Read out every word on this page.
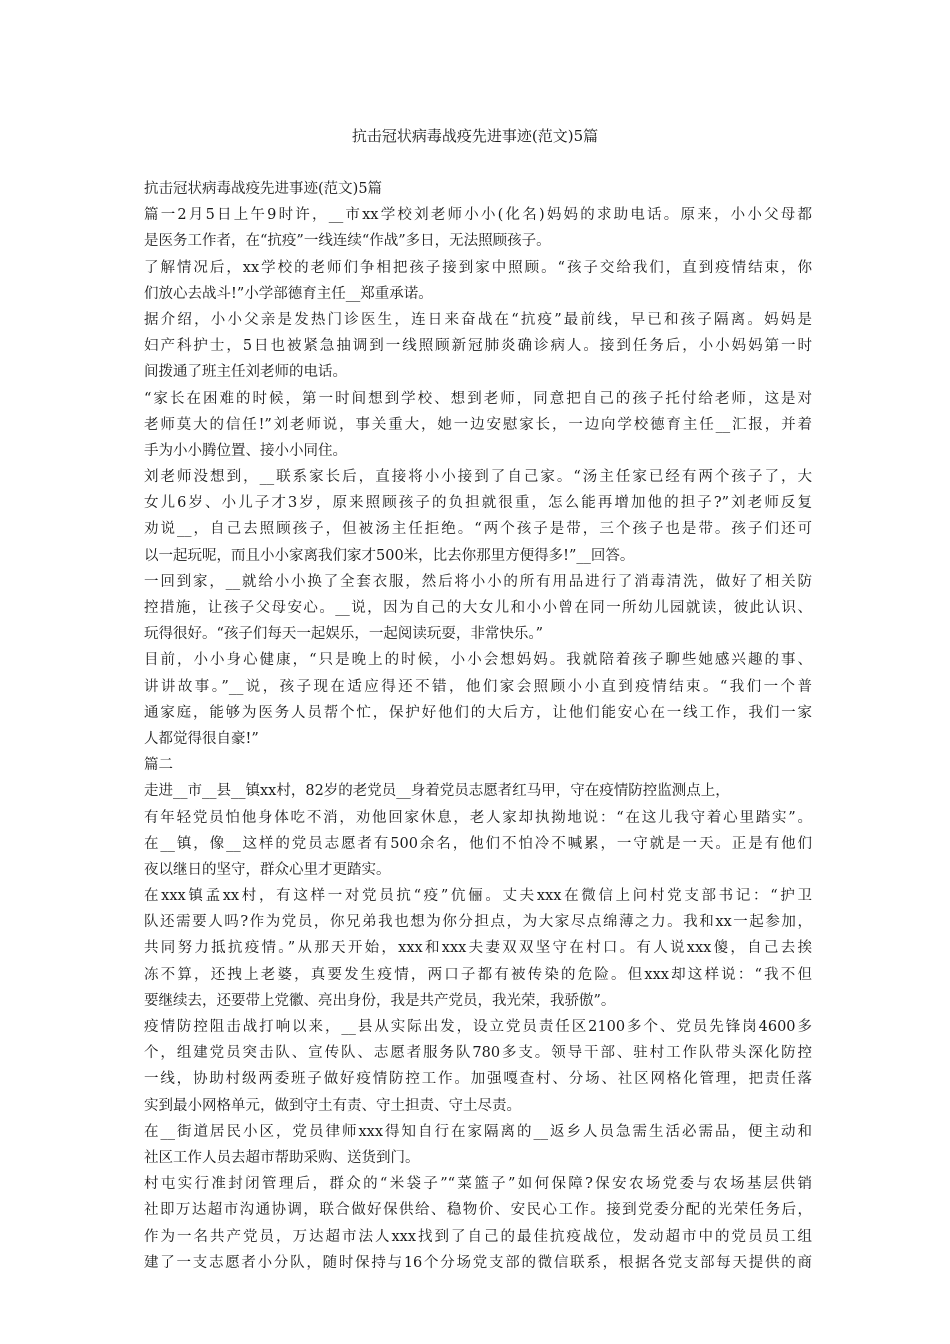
抗击冠状病毒战疫先进事迹(范文)5篇

抗击冠状病毒战疫先进事迹(范文)5篇

篇一2月5日上午9时许，__市xx学校刘老师小小(化名)妈妈的求助电话。原来，小小父母都

是医务工作者，在“抗疫”一线连续“作战”多日，无法照顾孩子。

了解情况后，xx学校的老师们争相把孩子接到家中照顾。“孩子交给我们，直到疫情结束，你

们放心去战斗!”小学部德育主任__郑重承诺。

据介绍，小小父亲是发热门诊医生，连日来奋战在“抗疫”最前线，早已和孩子隔离。妈妈是

妇产科护士，5日也被紧急抽调到一线照顾新冠肺炎确诊病人。接到任务后，小小妈妈第一时

间拨通了班主任刘老师的电话。

“家长在困难的时候，第一时间想到学校、想到老师，同意把自己的孩子托付给老师，这是对

老师莫大的信任!”刘老师说，事关重大，她一边安慰家长，一边向学校德育主任__汇报，并着

手为小小腾位置、接小小同住。

刘老师没想到，__联系家长后，直接将小小接到了自己家。“汤主任家已经有两个孩子了，大

女儿6岁、小儿子才3岁，原来照顾孩子的负担就很重，怎么能再增加他的担子?”刘老师反复

劝说__，自己去照顾孩子，但被汤主任拒绝。“两个孩子是带，三个孩子也是带。孩子们还可

以一起玩呢，而且小小家离我们家才500米，比去你那里方便得多!”__回答。

一回到家，__就给小小换了全套衣服，然后将小小的所有用品进行了消毒清洗，做好了相关防

控措施，让孩子父母安心。__说，因为自己的大女儿和小小曾在同一所幼儿园就读，彼此认识、

玩得很好。“孩子们每天一起娱乐，一起阅读玩耍，非常快乐。”

目前，小小身心健康，“只是晚上的时候，小小会想妈妈。我就陪着孩子聊些她感兴趣的事、

讲讲故事。”__说，孩子现在适应得还不错，他们家会照顾小小直到疫情结束。“我们一个普

通家庭，能够为医务人员帮个忙，保护好他们的大后方，让他们能安心在一线工作，我们一家

人都觉得很自豪!”

篇二

走进__市__县__镇xx村，82岁的老党员__身着党员志愿者红马甲，守在疫情防控监测点上，

有年轻党员怕他身体吃不消，劝他回家休息，老人家却执拗地说：“在这儿我守着心里踏实”。

在__镇，像__这样的党员志愿者有500余名，他们不怕冷不喊累，一守就是一天。正是有他们

夜以继日的坚守，群众心里才更踏实。

在xxx镇孟xx村，有这样一对党员抗“疫”伉俪。丈夫xxx在微信上问村党支部书记：“护卫

队还需要人吗?作为党员，你兄弟我也想为你分担点，为大家尽点绵薄之力。我和xx一起参加，

共同努力抵抗疫情。”从那天开始，xxx和xxx夫妻双双坚守在村口。有人说xxx傻，自己去挨

冻不算，还拽上老婆，真要发生疫情，两口子都有被传染的危险。但xxx却这样说：“我不但

要继续去，还要带上党徽、亮出身份，我是共产党员，我光荣，我骄傲”。

疫情防控阻击战打响以来，__县从实际出发，设立党员责任区2100多个、党员先锋岗4600多

个，组建党员突击队、宣传队、志愿者服务队780多支。领导干部、驻村工作队带头深化防控

一线，协助村级两委班子做好疫情防控工作。加强嘎查村、分场、社区网格化管理，把责任落

实到最小网格单元，做到守土有责、守土担责、守土尽责。

在__街道居民小区，党员律师xxx得知自行在家隔离的__返乡人员急需生活必需品，便主动和

社区工作人员去超市帮助采购、送货到门。

村屯实行准封闭管理后，群众的“米袋子”“菜篮子”如何保障?保安农场党委与农场基层供销

社即万达超市沟通协调，联合做好保供给、稳物价、安民心工作。接到党委分配的光荣任务后，

作为一名共产党员，万达超市法人xxx找到了自己的最佳抗疫战位，发动超市中的党员员工组

建了一支志愿者小分队，随时保持与16个分场党支部的微信联系，根据各党支部每天提供的商
